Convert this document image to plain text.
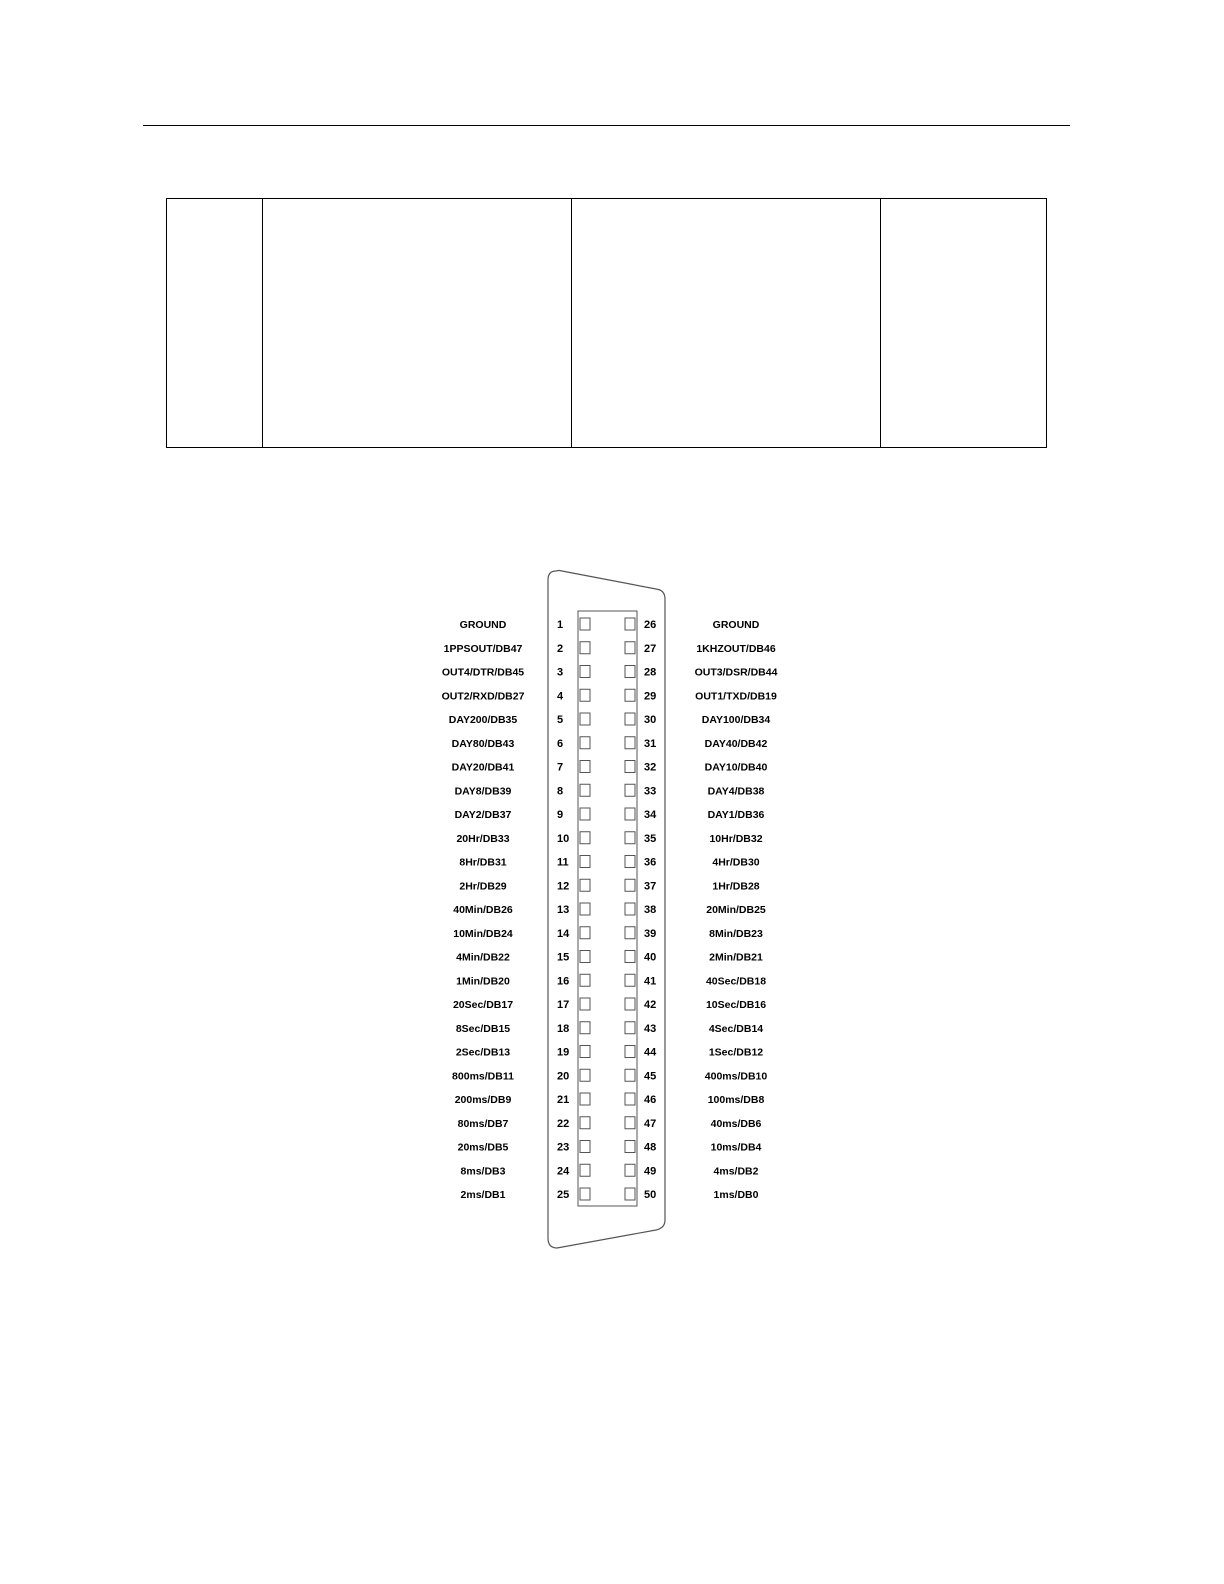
GROUND	1
1PPSOUT/DB47	2
OUT4/DTR/DB45	3
OUT2/RXD/DB27	4
DAY200/DB35	5
DAY80/DB43	6
DAY20/DB41	7
DAY8/DB39	8
DAY2/DB37	9
20Hr/DB33	10
8Hr/DB31	11
2Hr/DB29	12
40Min/DB26	13
10Min/DB24	14
4Min/DB22	15
1Min/DB20	16
20Sec/DB17	17
8Sec/DB15	18
2Sec/DB13	19
800ms/DB11	20
200ms/DB9	21
80ms/DB7	22
20ms/DB5	23
8ms/DB3	24
2ms/DB1	25
26	GROUND
27	1KHZOUT/DB46
28	OUT3/DSR/DB44
29	OUT1/TXD/DB19
30	DAY100/DB34
31	DAY40/DB42
32	DAY10/DB40
33	DAY4/DB38
34	DAY1/DB36
35	10Hr/DB32
36	4Hr/DB30
37	1Hr/DB28
38	20Min/DB25
39	8Min/DB23
40	2Min/DB21
41	40Sec/DB18
42	10Sec/DB16
43	4Sec/DB14
44	1Sec/DB12
45	400ms/DB10
46	100ms/DB8
47	40ms/DB6
48	10ms/DB4
49	4ms/DB2
50	1ms/DB0
